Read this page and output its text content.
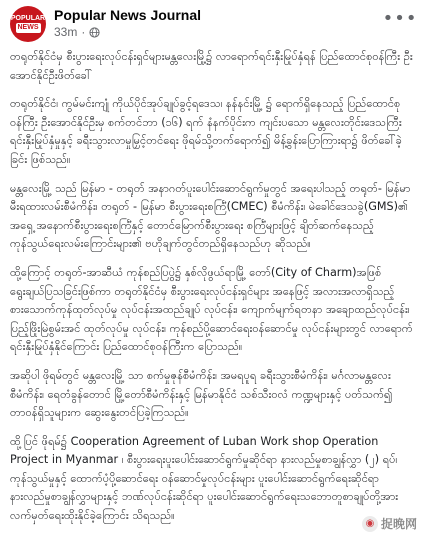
POPULAR
NEWS
Popular News Journal
33m ·
•••

တရုတ်နိုင်ငံမှ စီးပွားရေးလုပ်ငန်းရှင်များမန္တလေးမြို့၌ လာရောက်ရင်းနှီးမြုပ်နှံရန် ပြည်ထောင်စုဝန်ကြီး ဦးအောင်နိုင်ဦးဖိတ်ခေါ်

တရုတ်နိုင်ငံ၊ ကွမ်မင်းကျုံ ကိုယ်ပိုင်အုပ်ချုပ်ခွင့်ရဒေသ၊ နန်နင်းမြို့ ၌ ရောက်ရှိနေသည့် ပြည်ထောင်စုဝန်ကြီး ဦးအောင်နိုင်ဦးမှ စက်တင်ဘာ (၁၆) ရက် နံနက်ပိုင်းက ကျင်းပသော မန္တလေးတိုင်းဒေသကြီး ရင်းနှီးမြုပ်နှံမှုနှင့် ခရီးသွားလာမှုမြှင့်တင်ရေး ဖိုရမ်သို့တက်ရောက်၍ မိန့်ခွန်းပြောကြားရာ၌ ဖိတ်ခေါ်ခဲ့ခြင်း ဖြစ်သည်။

မန္တလေးမြို့ သည် မြန်မာ - တရုတ် အနာဂတ်ပူးပေါင်းဆောင်ရွက်မှုတွင် အရေးပါသည့် တရုတ်- မြန်မာ မီးရထားလမ်းစီမံကိန်း၊ တရုတ် - မြန်မာ စီးပွားရေးစင်္ကြံ(CMEC) စီမံကိန်း၊ မဲခေါင်ဒေသခွဲ(GMS)၏ အရှေ့ အနောက်စီးပွားရေးစင်္ကြံနှင့် တောင်မြောက်စီးပွားရေး စင်္ကြံများဖြင့် ချိတ်ဆက်နေသည့် ကုန်သွယ်ရေးလမ်းကြောင်းများ၏ ဗဟိုချက်တွင်တည်ရှိနေသည်ဟု ဆိုသည်။

ထို့ကြောင့် တရုတ်-အာဆီယံ ကုန်စည်ပြပွဲ၌ နှစ်လိုဖွယ်ရာမြို့ တော်(City of Charm)အဖြစ် ရွေးချယ်ပြသခြင်းဖြစ်ကာ တရုတ်နိုင်ငံမှ စီးပွားရေးလုပ်ငန်းရှင်များ အနေဖြင့် အလားအလာရှိသည့် စားသောက်ကုန်ထုတ်လုပ်မှု လုပ်ငန်းအထည်ချုပ် လုပ်ငန်း၊ ကျောက်မျက်ရတနာ အချောထည်လုပ်ငန်း၊ ပြည့်ဖြိုးမြဲစွမ်းအင် ထုတ်လုပ်မှု လုပ်ငန်း၊ ကုန်စည်ပို့ဆောင်ရေးဝန်ဆောင်မှု လုပ်ငန်းများတွင် လာရောက်ရင်းနှီးမြုပ်နှံနိုင်ကြောင်း ပြည်ထောင်စုဝန်ကြီးက ပြောသည်။

အဆိုပါ ဖိုရမ်တွင် မန္တလေးမြို့ သာ စက်မှုဇုန်စီမံကိန်း၊ အမရပူရ ခရီးသွားစီမံကိန်း၊ မင်္ဂလာမန္တလေး စီမံကိန်း၊ ရေတံခွန်တောင် မြို့တော်စီမံကိန်းနှင့် မြန်မာနိုင်ငံ သစ်သီးဝလံ ကဏ္ဍများနှင့် ပတ်သက်၍ တာဝန်ရှိသူများက ဆွေးနွေးတင်ပြခဲ့ကြသည်။

ထို့ပြင် ဖိုရမ်၌ Cooperation Agreement of Luban Work shop Operation Project in Myanmar ၊ စီးပွားရေးပူးပေါင်းဆောင်ရွက်မှုဆိုင်ရာ နားလည်မှုစာချွန်လွှာ (၂) ရပ်၊ ကုန်သွယ်မှုနှင့် ထောက်ပံ့ပို့ဆောင်ရေး ဝန်ဆောင်မှုလုပ်ငန်းများ ပူးပေါင်းဆောင်ရွက်ရေးဆိုင်ရာ နားလည်မှုစာချွန်လွှာများနှင့် ဘဏ်လုပ်ငန်းဆိုင်ရာ ပူးပေါင်းဆောင်ရွက်ရေးသဘောတူစာချုပ်တို့အား လက်မှတ်ရေးထိုးနိုင်ခဲ့ကြောင်း သိရသည်။

◉ 捉晚网
